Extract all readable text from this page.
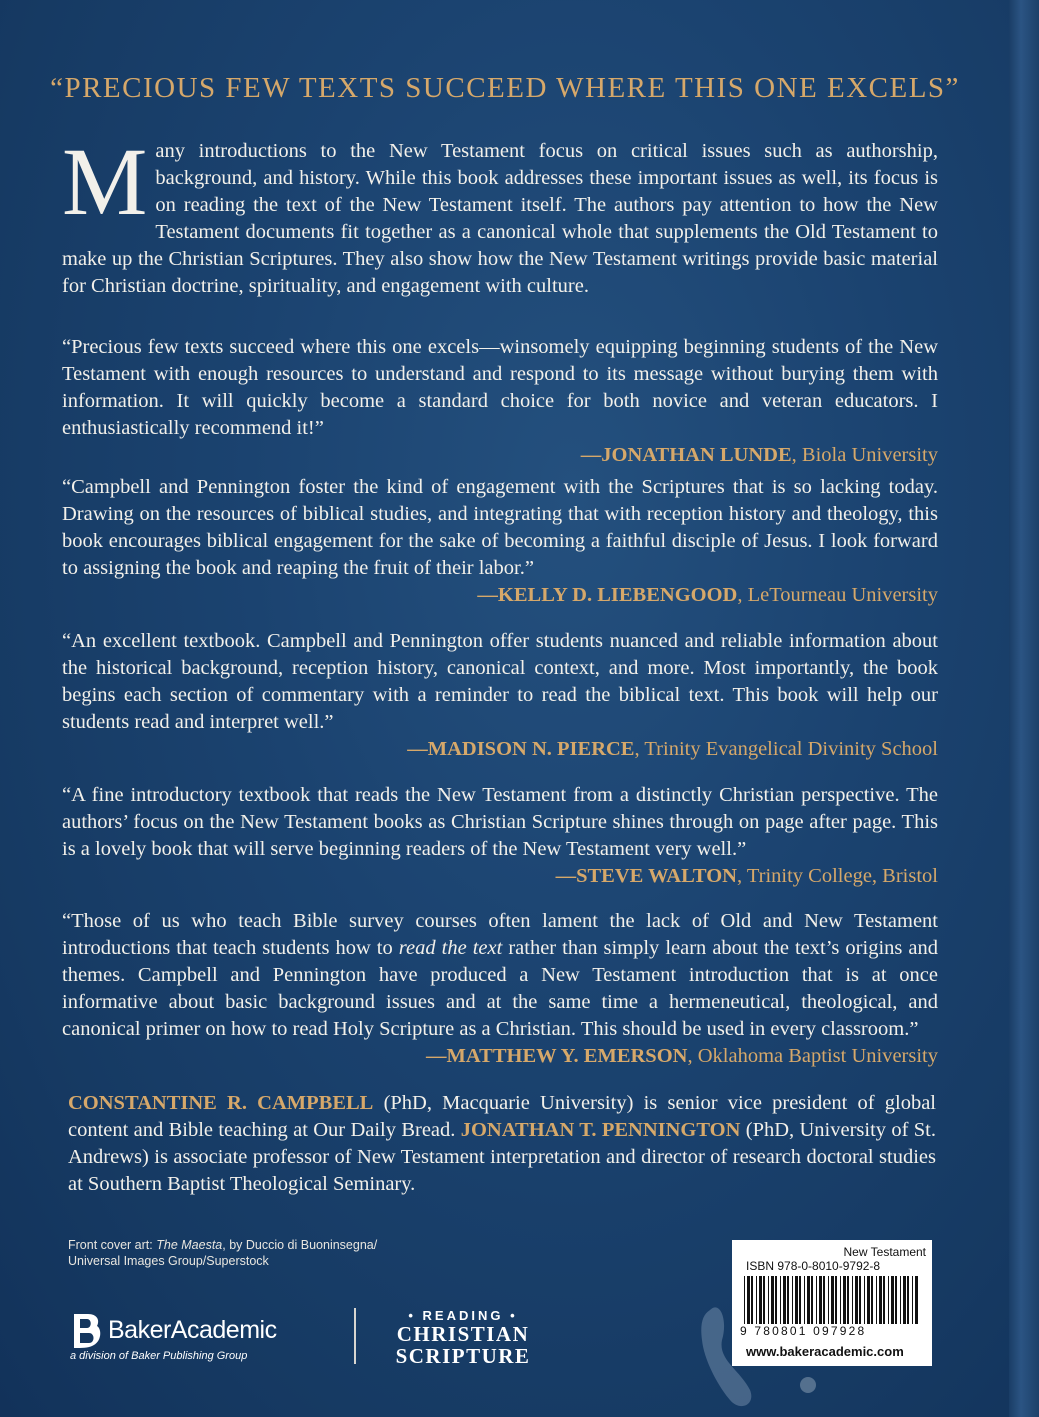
“PRECIOUS FEW TEXTS SUCCEED WHERE THIS ONE EXCELS”

Many introductions to the New Testament focus on critical issues such as authorship, background, and history. While this book addresses these important issues as well, its focus is on reading the text of the New Testament itself. The authors pay attention to how the New Testament documents fit together as a canonical whole that supplements the Old Testament to make up the Christian Scriptures. They also show how the New Testament writings provide basic material for Christian doctrine, spirituality, and engagement with culture.

“Precious few texts succeed where this one excels—winsomely equipping beginning students of the New Testament with enough resources to understand and respond to its message without burying them with information. It will quickly become a standard choice for both novice and veteran educators. I enthusiastically recommend it!”
—JONATHAN LUNDE, Biola University
“Campbell and Pennington foster the kind of engagement with the Scriptures that is so lacking today. Drawing on the resources of biblical studies, and integrating that with reception history and theology, this book encourages biblical engagement for the sake of becoming a faithful disciple of Jesus. I look forward to assigning the book and reaping the fruit of their labor.”
—KELLY D. LIEBENGOOD, LeTourneau University
“An excellent textbook. Campbell and Pennington offer students nuanced and reliable information about the historical background, reception history, canonical context, and more. Most importantly, the book begins each section of commentary with a reminder to read the biblical text. This book will help our students read and interpret well.”
—MADISON N. PIERCE, Trinity Evangelical Divinity School
“A fine introductory textbook that reads the New Testament from a distinctly Christian perspective. The authors’ focus on the New Testament books as Christian Scripture shines through on page after page. This is a lovely book that will serve beginning readers of the New Testament very well.”
—STEVE WALTON, Trinity College, Bristol
“Those of us who teach Bible survey courses often lament the lack of Old and New Testament introductions that teach students how to read the text rather than simply learn about the text’s origins and themes. Campbell and Pennington have produced a New Testament introduction that is at once informative about basic background issues and at the same time a hermeneutical, theological, and canonical primer on how to read Holy Scripture as a Christian. This should be used in every classroom.”
—MATTHEW Y. EMERSON, Oklahoma Baptist University

CONSTANTINE R. CAMPBELL (PhD, Macquarie University) is senior vice president of global content and Bible teaching at Our Daily Bread. JONATHAN T. PENNINGTON (PhD, University of St. Andrews) is associate professor of New Testament interpretation and director of research doctoral studies at Southern Baptist Theological Seminary.

Front cover art: The Maesta, by Duccio di Buoninsegna/
Universal Images Group/Superstock
BakerAcademic
a division of Baker Publishing Group
• READING •
CHRISTIAN
SCRIPTURE
New Testament
ISBN 978-0-8010-9792-8
9 780801 097928
www.bakeracademic.com
